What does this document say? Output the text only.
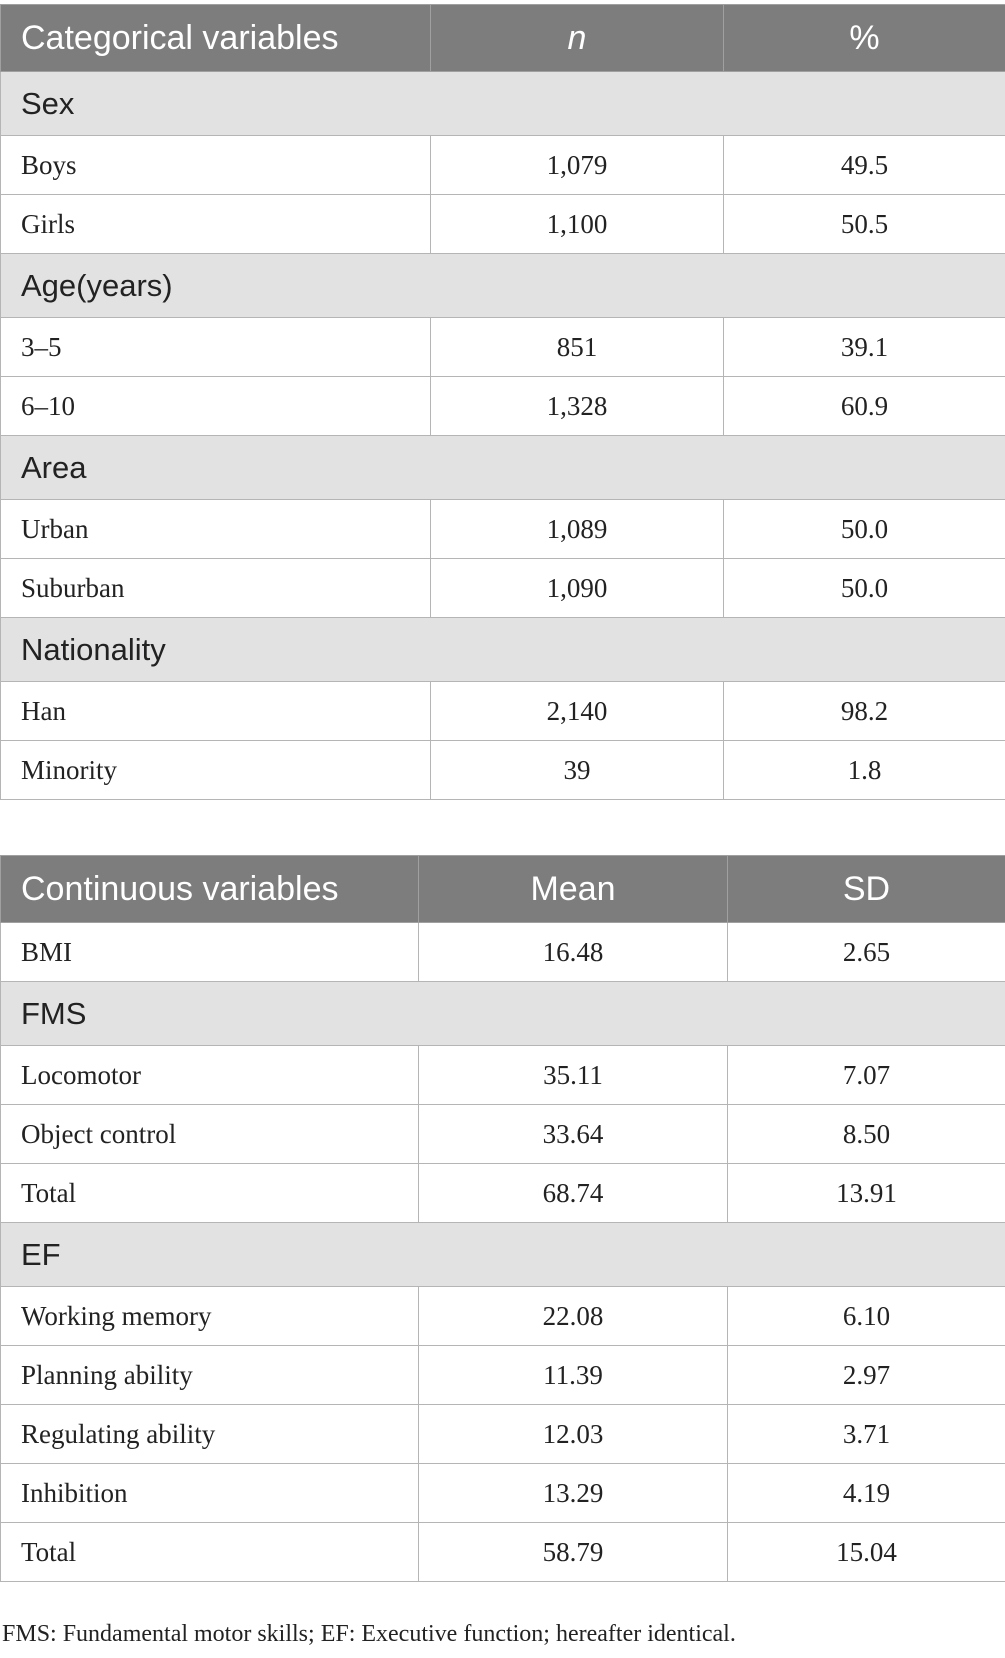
Categorical variables	n	%
Sex		
Boys	1,079	49.5
Girls	1,100	50.5
Age(years)		
3–5	851	39.1
6–10	1,328	60.9
Area		
Urban	1,089	50.0
Suburban	1,090	50.0
Nationality		
Han	2,140	98.2
Minority	39	1.8
Continuous variables	Mean	SD
BMI	16.48	2.65
FMS		
Locomotor	35.11	7.07
Object control	33.64	8.50
Total	68.74	13.91
EF		
Working memory	22.08	6.10
Planning ability	11.39	2.97
Regulating ability	12.03	3.71
Inhibition	13.29	4.19
Total	58.79	15.04
FMS: Fundamental motor skills; EF: Executive function; hereafter identical.
